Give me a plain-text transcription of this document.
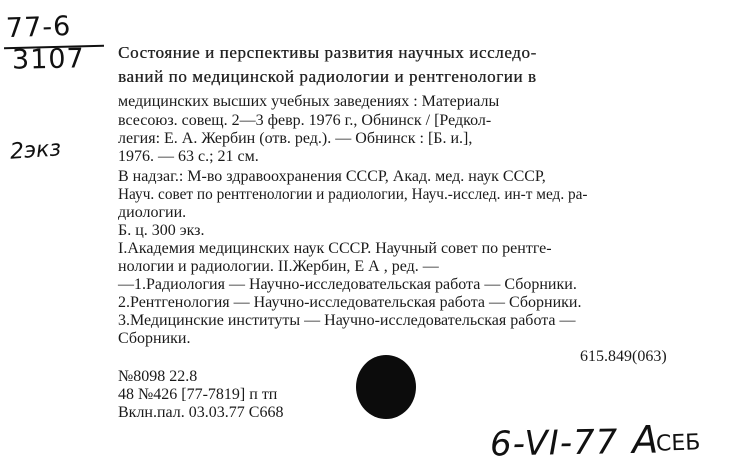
77-6
3107
2экз
Состояние и перспективы развития научных исследо-
ваний по медицинской радиологии и рентгенологии в
медицинских высших учебных заведениях : Материалы
всесоюз. совещ. 2—3 февр. 1976 г., Обнинск / [Редкол-
легия: Е. А. Жербин (отв. ред.). — Обнинск : [Б. и.],
1976. — 63 с.; 21 см.
В надзаг.: М-во здравоохранения СССР, Акад. мед. наук СССР,
Науч. совет по рентгенологии и радиологии, Науч.-исслед. ин-т мед. ра-
диологии.
Б. ц. 300 экз.
I.Академия медицинских наук СССР. Научный совет по рентге-
нологии и радиологии. II.Жербин, Е А , ред. —
—1.Радиология — Научно-исследовательская работа — Сборники.
2.Рентгенология — Научно-исследовательская работа — Сборники.
3.Медицинские институты — Научно-исследовательская работа —
Сборники.
615.849(063)
№8098 22.8
48 №426 [77-7819] п тп
Вклн.пал. 03.03.77 С668
6-VI-77 А
СЕБ
